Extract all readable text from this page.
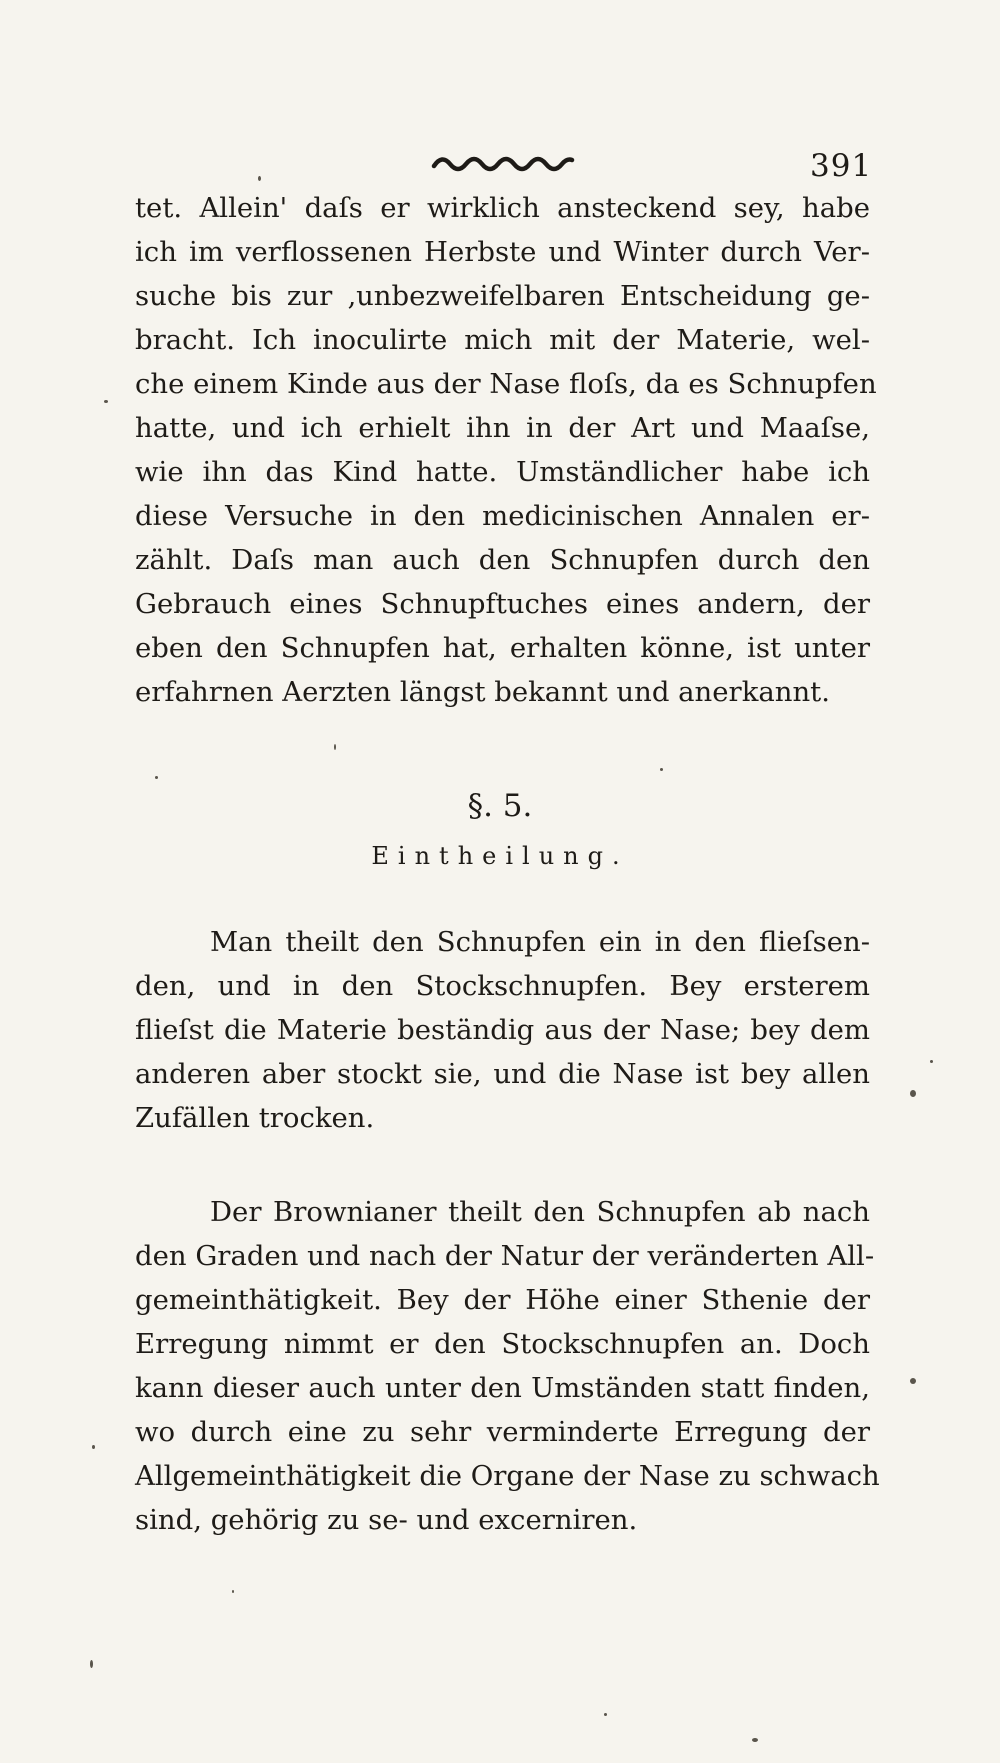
391
tet. Allein' daſs er wirklich ansteckend sey, habe
ich im verflossenen Herbste und Winter durch Ver-
suche bis zur ‚unbezweifelbaren Entscheidung ge-
bracht. Ich inoculirte mich mit der Materie, wel-
che einem Kinde aus der Nase floſs, da es Schnupfen
hatte, und ich erhielt ihn in der Art und Maaſse,
wie ihn das Kind hatte. Umständlicher habe ich
diese Versuche in den medicinischen Annalen er-
zählt. Daſs man auch den Schnupfen durch den
Gebrauch eines Schnupftuches eines andern, der
eben den Schnupfen hat, erhalten könne, ist unter
erfahrnen Aerzten längst bekannt und anerkannt.
§. 5.
Eintheilung.
Man theilt den Schnupfen ein in den flieſsen-
den, und in den Stockschnupfen. Bey ersterem
flieſst die Materie beständig aus der Nase; bey dem
anderen aber stockt sie, und die Nase ist bey allen
Zufällen trocken.
Der Brownianer theilt den Schnupfen ab nach
den Graden und nach der Natur der veränderten All-
gemeinthätigkeit. Bey der Höhe einer Sthenie der
Erregung nimmt er den Stockschnupfen an. Doch
kann dieser auch unter den Umständen statt finden,
wo durch eine zu sehr verminderte Erregung der
Allgemeinthätigkeit die Organe der Nase zu schwach
sind, gehörig zu se- und excerniren.
